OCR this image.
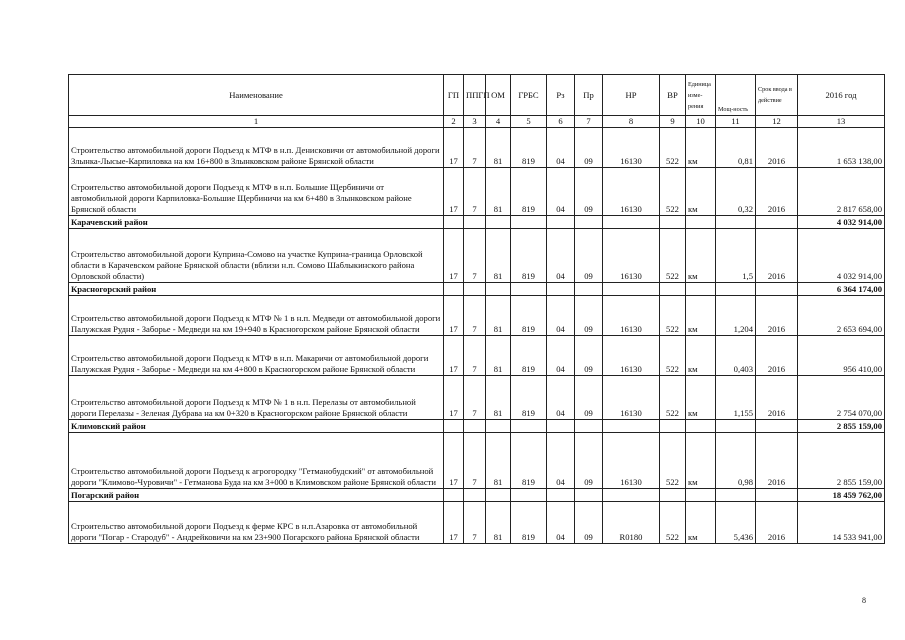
Наименование	ГП	ППГП	ОМ	ГРБС	Рз	Пр	НР	ВР	Единица изме-рения	Мощ-ность	Срок ввода в действие	2016 год
1	2	3	4	5	6	7	8	9	10	11	12	13
Строительство автомобильной дороги Подъезд к МТФ в н.п. Денисковичи от автомобильной дороги Злынка-Лысые-Карпиловка на км 16+800 в Злынковском районе Брянской области	17	7	81	819	04	09	16130	522	км	0,81	2016	1 653 138,00
Строительство автомобильной дороги Подъезд к МТФ в н.п. Большие Щербиничи от автомобильной дороги Карпиловка-Большие Щербиничи на км 6+480 в Злынковском районе Брянской области	17	7	81	819	04	09	16130	522	км	0,32	2016	2 817 658,00
Карачевский район												4 032 914,00
Строительство автомобильной дороги Куприна-Сомово на участке Куприна-граница Орловской области в Карачевском районе Брянской области (вблизи н.п. Сомово Шаблыкинского района Орловской области)	17	7	81	819	04	09	16130	522	км	1,5	2016	4 032 914,00
Красногорский район												6 364 174,00
Строительство автомобильной дороги Подъезд к МТФ № 1 в н.п. Медведи от автомобильной дороги Палужская Рудня - Заборье - Медведи на км 19+940 в Красногорском районе Брянской области	17	7	81	819	04	09	16130	522	км	1,204	2016	2 653 694,00
Строительство автомобильной дороги Подъезд к МТФ в н.п. Макаричи от автомобильной дороги Палужская Рудня - Заборье - Медведи на км 4+800 в Красногорском районе Брянской области	17	7	81	819	04	09	16130	522	км	0,403	2016	956 410,00
Строительство автомобильной дороги Подъезд к МТФ № 1 в н.п. Перелазы от автомобильной дороги Перелазы - Зеленая Дубрава на км 0+320 в Красногорском районе Брянской области	17	7	81	819	04	09	16130	522	км	1,155	2016	2 754 070,00
Климовский район												2 855 159,00
Строительство автомобильной дороги Подъезд к агрогородку "Гетманобудский" от автомобильной дороги "Климово-Чуровичи" - Гетманова Буда на км 3+000 в Климовском районе Брянской области	17	7	81	819	04	09	16130	522	км	0,98	2016	2 855 159,00
Погарский район												18 459 762,00
Строительство автомобильной дороги Подъезд к ферме КРС в н.п.Азаровка от автомобильной дороги "Погар - Стародуб" - Андрейковичи на км 23+900 Погарского района Брянской области	17	7	81	819	04	09	R0180	522	км	5,436	2016	14 533 941,00
8
